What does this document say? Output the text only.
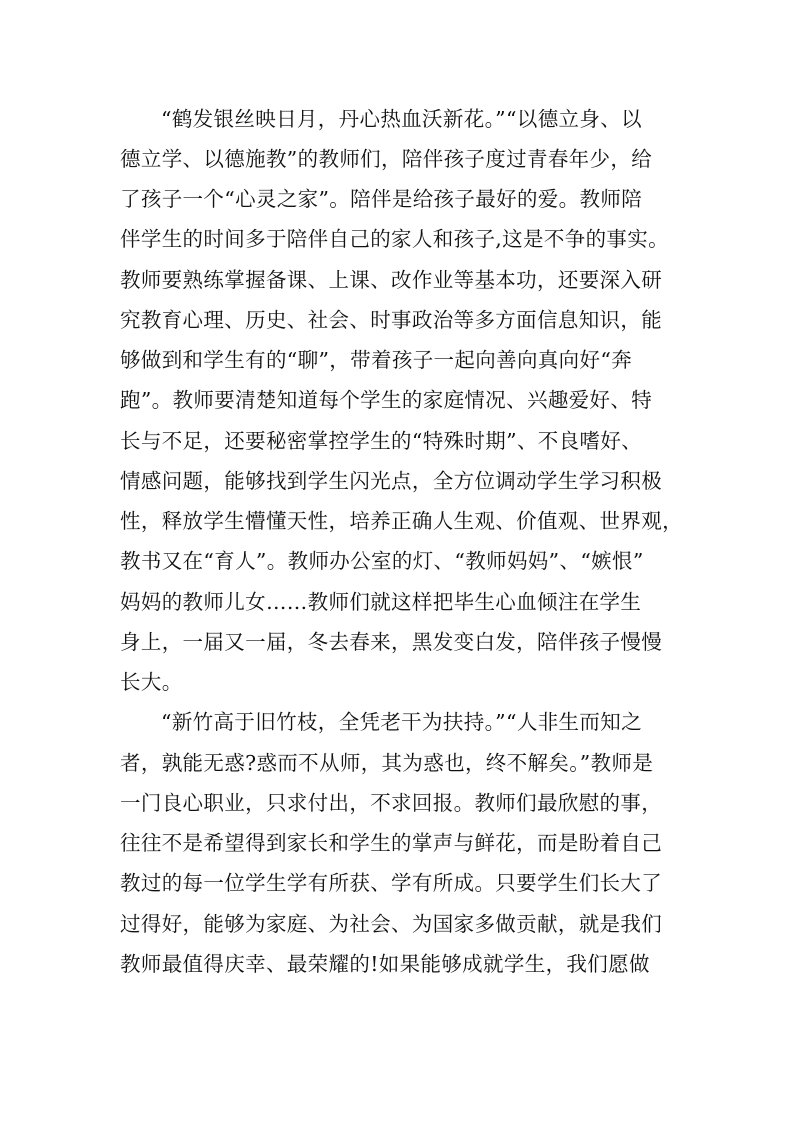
“鹤发银丝映日月，丹心热血沃新花。”“以德立身、以
德立学、以德施教”的教师们，陪伴孩子度过青春年少，给
了孩子一个“心灵之家”。陪伴是给孩子最好的爱。教师陪
伴学生的时间多于陪伴自己的家人和孩子,这是不争的事实。
教师要熟练掌握备课、上课、改作业等基本功，还要深入研
究教育心理、历史、社会、时事政治等多方面信息知识，能
够做到和学生有的“聊”，带着孩子一起向善向真向好“奔
跑”。教师要清楚知道每个学生的家庭情况、兴趣爱好、特
长与不足，还要秘密掌控学生的“特殊时期”、不良嗜好、
情感问题，能够找到学生闪光点，全方位调动学生学习积极
性，释放学生懵懂天性，培养正确人生观、价值观、世界观，
教书又在“育人”。教师办公室的灯、“教师妈妈”、“嫉恨”
妈妈的教师儿女……教师们就这样把毕生心血倾注在学生
身上，一届又一届，冬去春来，黑发变白发，陪伴孩子慢慢
长大。
“新竹高于旧竹枝，全凭老干为扶持。”“人非生而知之
者，孰能无惑?惑而不从师，其为惑也，终不解矣。”教师是
一门良心职业，只求付出，不求回报。教师们最欣慰的事，
往往不是希望得到家长和学生的掌声与鲜花，而是盼着自己
教过的每一位学生学有所获、学有所成。只要学生们长大了
过得好，能够为家庭、为社会、为国家多做贡献，就是我们
教师最值得庆幸、最荣耀的!如果能够成就学生，我们愿做
